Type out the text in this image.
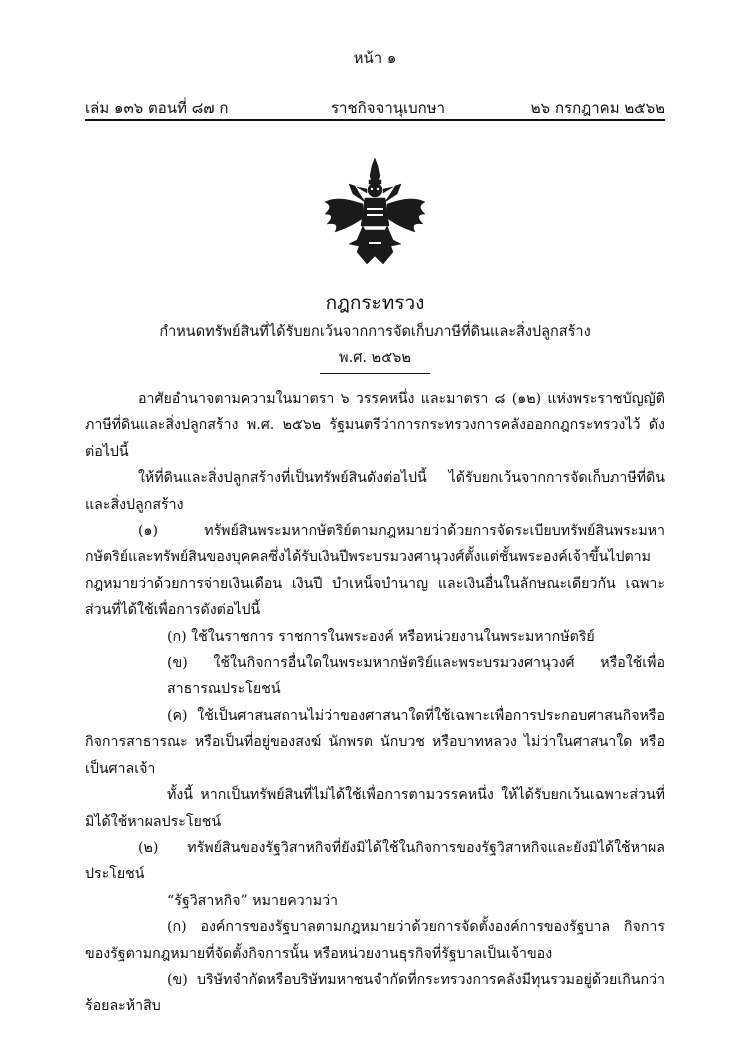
หน้า ๑
เล่ม ๑๓๖ ตอนที่ ๘๗ ก	ราชกิจจานุเบกษา	๒๖ กรกฎาคม ๒๕๖๒
กฎกระทรวง
กำหนดทรัพย์สินที่ได้รับยกเว้นจากการจัดเก็บภาษีที่ดินและสิ่งปลูกสร้าง
พ.ศ. ๒๕๖๒

อาศัยอำนาจตามความในมาตรา ๖ วรรคหนึ่ง และมาตรา ๘ (๑๒) แห่งพระราชบัญญัติภาษีที่ดินและสิ่งปลูกสร้าง พ.ศ. ๒๕๖๒ รัฐมนตรีว่าการกระทรวงการคลังออกกฎกระทรวงไว้ ดังต่อไปนี้

ให้ที่ดินและสิ่งปลูกสร้างที่เป็นทรัพย์สินดังต่อไปนี้ ได้รับยกเว้นจากการจัดเก็บภาษีที่ดินและสิ่งปลูกสร้าง

(๑) ทรัพย์สินพระมหากษัตริย์ตามกฎหมายว่าด้วยการจัดระเบียบทรัพย์สินพระมหากษัตริย์และทรัพย์สินของบุคคลซึ่งได้รับเงินปีพระบรมวงศานุวงศ์ตั้งแต่ชั้นพระองค์เจ้าขึ้นไปตามกฎหมายว่าด้วยการจ่ายเงินเดือน เงินปี บำเหน็จบำนาญ และเงินอื่นในลักษณะเดียวกัน เฉพาะส่วนที่ได้ใช้เพื่อการดังต่อไปนี้

(ก) ใช้ในราชการ ราชการในพระองค์ หรือหน่วยงานในพระมหากษัตริย์

(ข) ใช้ในกิจการอื่นใดในพระมหากษัตริย์และพระบรมวงศานุวงศ์ หรือใช้เพื่อสาธารณประโยชน์

(ค) ใช้เป็นศาสนสถานไม่ว่าของศาสนาใดที่ใช้เฉพาะเพื่อการประกอบศาสนกิจหรือกิจการสาธารณะ หรือเป็นที่อยู่ของสงฆ์ นักพรต นักบวช หรือบาทหลวง ไม่ว่าในศาสนาใด หรือเป็นศาลเจ้า

ทั้งนี้ หากเป็นทรัพย์สินที่ไม่ได้ใช้เพื่อการตามวรรคหนึ่ง ให้ได้รับยกเว้นเฉพาะส่วนที่มิได้ใช้หาผลประโยชน์

(๒) ทรัพย์สินของรัฐวิสาหกิจที่ยังมิได้ใช้ในกิจการของรัฐวิสาหกิจและยังมิได้ใช้หาผลประโยชน์

“รัฐวิสาหกิจ” หมายความว่า

(ก) องค์การของรัฐบาลตามกฎหมายว่าด้วยการจัดตั้งองค์การของรัฐบาล กิจการของรัฐตามกฎหมายที่จัดตั้งกิจการนั้น หรือหน่วยงานธุรกิจที่รัฐบาลเป็นเจ้าของ

(ข) บริษัทจำกัดหรือบริษัทมหาชนจำกัดที่กระทรวงการคลังมีทุนรวมอยู่ด้วยเกินกว่าร้อยละห้าสิบ
